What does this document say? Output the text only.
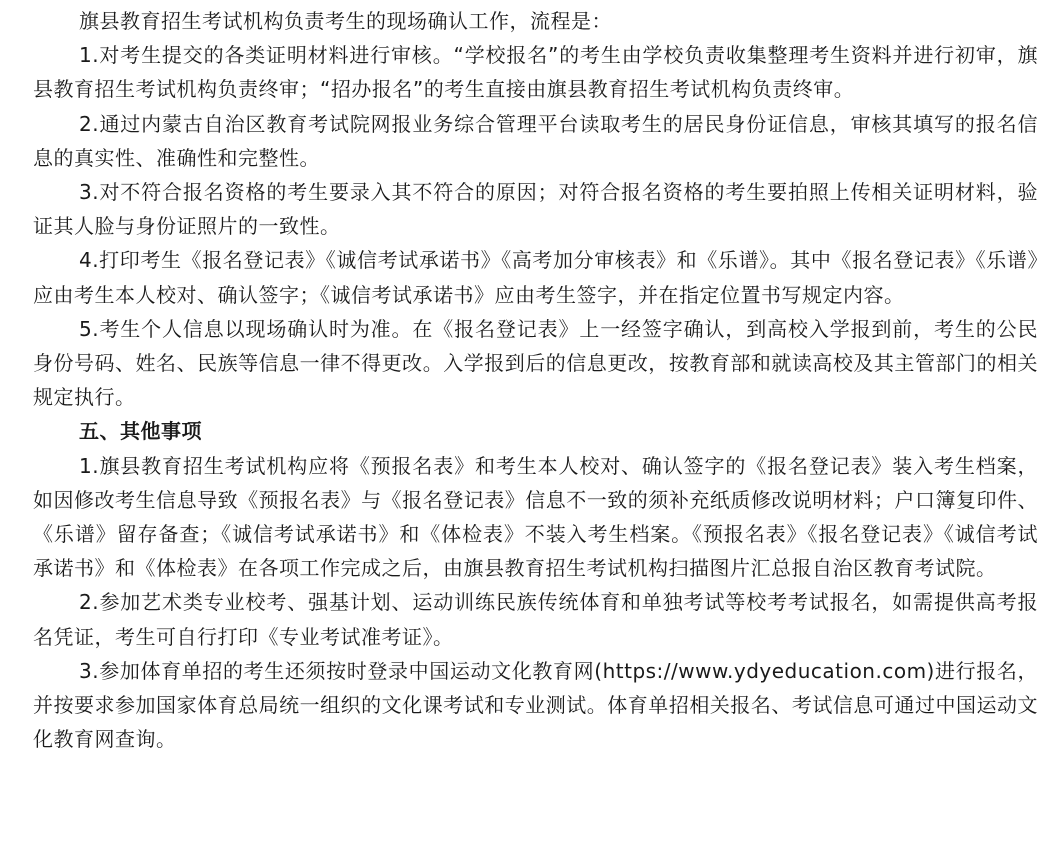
旗县教育招生考试机构负责考生的现场确认工作，流程是：

1.对考生提交的各类证明材料进行审核。“学校报名”的考生由学校负责收集整理考生资料并进行初审，旗县教育招生考试机构负责终审；“招办报名”的考生直接由旗县教育招生考试机构负责终审。

2.通过内蒙古自治区教育考试院网报业务综合管理平台读取考生的居民身份证信息，审核其填写的报名信息的真实性、准确性和完整性。

3.对不符合报名资格的考生要录入其不符合的原因；对符合报名资格的考生要拍照上传相关证明材料，验证其人脸与身份证照片的一致性。

4.打印考生《报名登记表》《诚信考试承诺书》《高考加分审核表》和《乐谱》。其中《报名登记表》《乐谱》应由考生本人校对、确认签字；《诚信考试承诺书》应由考生签字，并在指定位置书写规定内容。

5.考生个人信息以现场确认时为准。在《报名登记表》上一经签字确认，到高校入学报到前，考生的公民身份号码、姓名、民族等信息一律不得更改。入学报到后的信息更改，按教育部和就读高校及其主管部门的相关规定执行。

五、其他事项

1.旗县教育招生考试机构应将《预报名表》和考生本人校对、确认签字的《报名登记表》装入考生档案，如因修改考生信息导致《预报名表》与《报名登记表》信息不一致的须补充纸质修改说明材料；户口簿复印件、《乐谱》留存备查；《诚信考试承诺书》和《体检表》不装入考生档案。《预报名表》《报名登记表》《诚信考试承诺书》和《体检表》在各项工作完成之后，由旗县教育招生考试机构扫描图片汇总报自治区教育考试院。

2.参加艺术类专业校考、强基计划、运动训练民族传统体育和单独考试等校考考试报名，如需提供高考报名凭证，考生可自行打印《专业考试准考证》。

3.参加体育单招的考生还须按时登录中国运动文化教育网(https://www.ydyeducation.com)进行报名，并按要求参加国家体育总局统一组织的文化课考试和专业测试。体育单招相关报名、考试信息可通过中国运动文化教育网查询。
